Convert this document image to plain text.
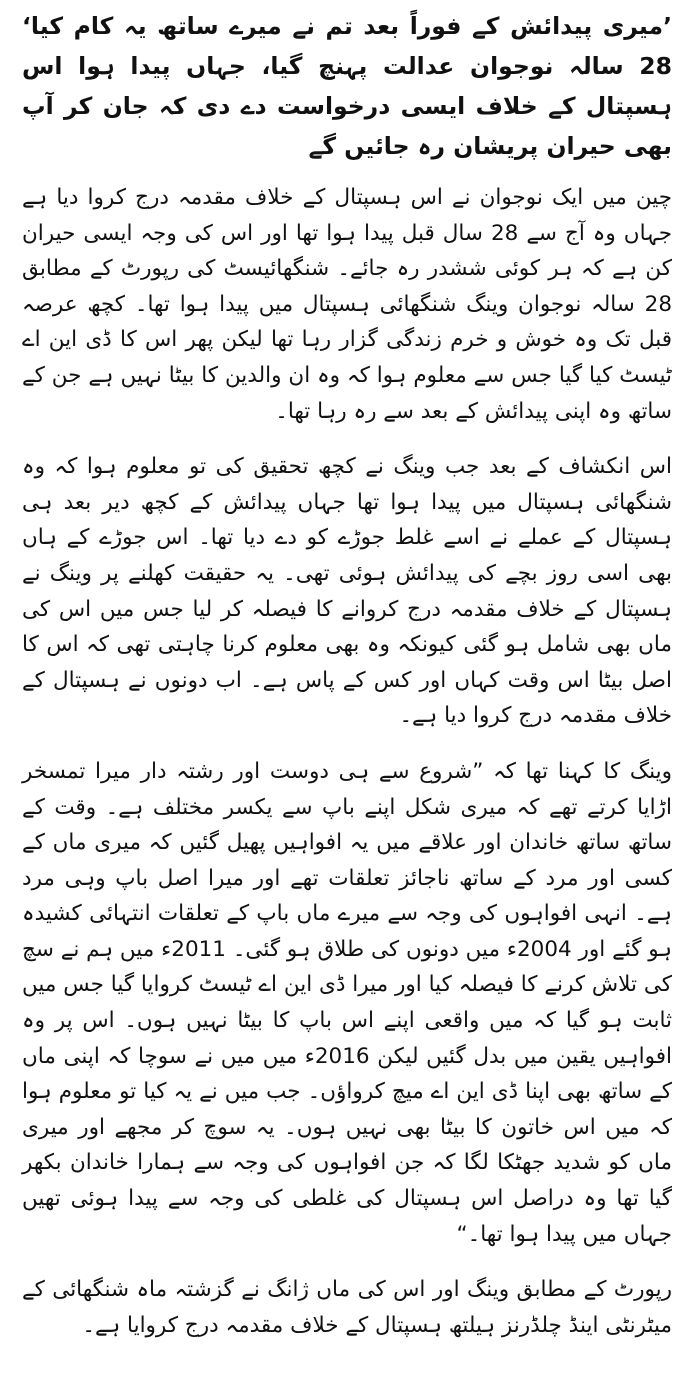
’میری پیدائش کے فوراً بعد تم نے میرے ساتھ یہ کام کیا‘ 28 سالہ نوجوان عدالت پہنچ گیا، جہاں پیدا ہوا اس ہسپتال کے خلاف ایسی درخواست دے دی کہ جان کر آپ بھی حیران پریشان رہ جائیں گے

چین میں ایک نوجوان نے اس ہسپتال کے خلاف مقدمہ درج کروا دیا ہے جہاں وہ آج سے 28 سال قبل پیدا ہوا تھا اور اس کی وجہ ایسی حیران کن ہے کہ ہر کوئی ششدر رہ جائے۔ شنگھائیسٹ کی رپورٹ کے مطابق 28 سالہ نوجوان وینگ شنگھائی ہسپتال میں پیدا ہوا تھا۔ کچھ عرصہ قبل تک وہ خوش و خرم زندگی گزار رہا تھا لیکن پھر اس کا ڈی این اے ٹیسٹ کیا گیا جس سے معلوم ہوا کہ وہ ان والدین کا بیٹا نہیں ہے جن کے ساتھ وہ اپنی پیدائش کے بعد سے رہ رہا تھا۔

اس انکشاف کے بعد جب وینگ نے کچھ تحقیق کی تو معلوم ہوا کہ وہ شنگھائی ہسپتال میں پیدا ہوا تھا جہاں پیدائش کے کچھ دیر بعد ہی ہسپتال کے عملے نے اسے غلط جوڑے کو دے دیا تھا۔ اس جوڑے کے ہاں بھی اسی روز بچے کی پیدائش ہوئی تھی۔ یہ حقیقت کھلنے پر وینگ نے ہسپتال کے خلاف مقدمہ درج کروانے کا فیصلہ کر لیا جس میں اس کی ماں بھی شامل ہو گئی کیونکہ وہ بھی معلوم کرنا چاہتی تھی کہ اس کا اصل بیٹا اس وقت کہاں اور کس کے پاس ہے۔ اب دونوں نے ہسپتال کے خلاف مقدمہ درج کروا دیا ہے۔

وینگ کا کہنا تھا کہ ”شروع سے ہی دوست اور رشتہ دار میرا تمسخر اڑایا کرتے تھے کہ میری شکل اپنے باپ سے یکسر مختلف ہے۔ وقت کے ساتھ ساتھ خاندان اور علاقے میں یہ افواہیں پھیل گئیں کہ میری ماں کے کسی اور مرد کے ساتھ ناجائز تعلقات تھے اور میرا اصل باپ وہی مرد ہے۔ انہی افواہوں کی وجہ سے میرے ماں باپ کے تعلقات انتہائی کشیدہ ہو گئے اور 2004ء میں دونوں کی طلاق ہو گئی۔ 2011ء میں ہم نے سچ کی تلاش کرنے کا فیصلہ کیا اور میرا ڈی این اے ٹیسٹ کروایا گیا جس میں ثابت ہو گیا کہ میں واقعی اپنے اس باپ کا بیٹا نہیں ہوں۔ اس پر وہ افواہیں یقین میں بدل گئیں لیکن 2016ء میں میں نے سوچا کہ اپنی ماں کے ساتھ بھی اپنا ڈی این اے میچ کرواؤں۔ جب میں نے یہ کیا تو معلوم ہوا کہ میں اس خاتون کا بیٹا بھی نہیں ہوں۔ یہ سوچ کر مجھے اور میری ماں کو شدید جھٹکا لگا کہ جن افواہوں کی وجہ سے ہمارا خاندان بکھر گیا تھا وہ دراصل اس ہسپتال کی غلطی کی وجہ سے پیدا ہوئی تھیں جہاں میں پیدا ہوا تھا۔“

رپورٹ کے مطابق وینگ اور اس کی ماں ژانگ نے گزشتہ ماہ شنگھائی کے میٹرنٹی اینڈ چلڈرنز ہیلتھ ہسپتال کے خلاف مقدمہ درج کروایا ہے۔
